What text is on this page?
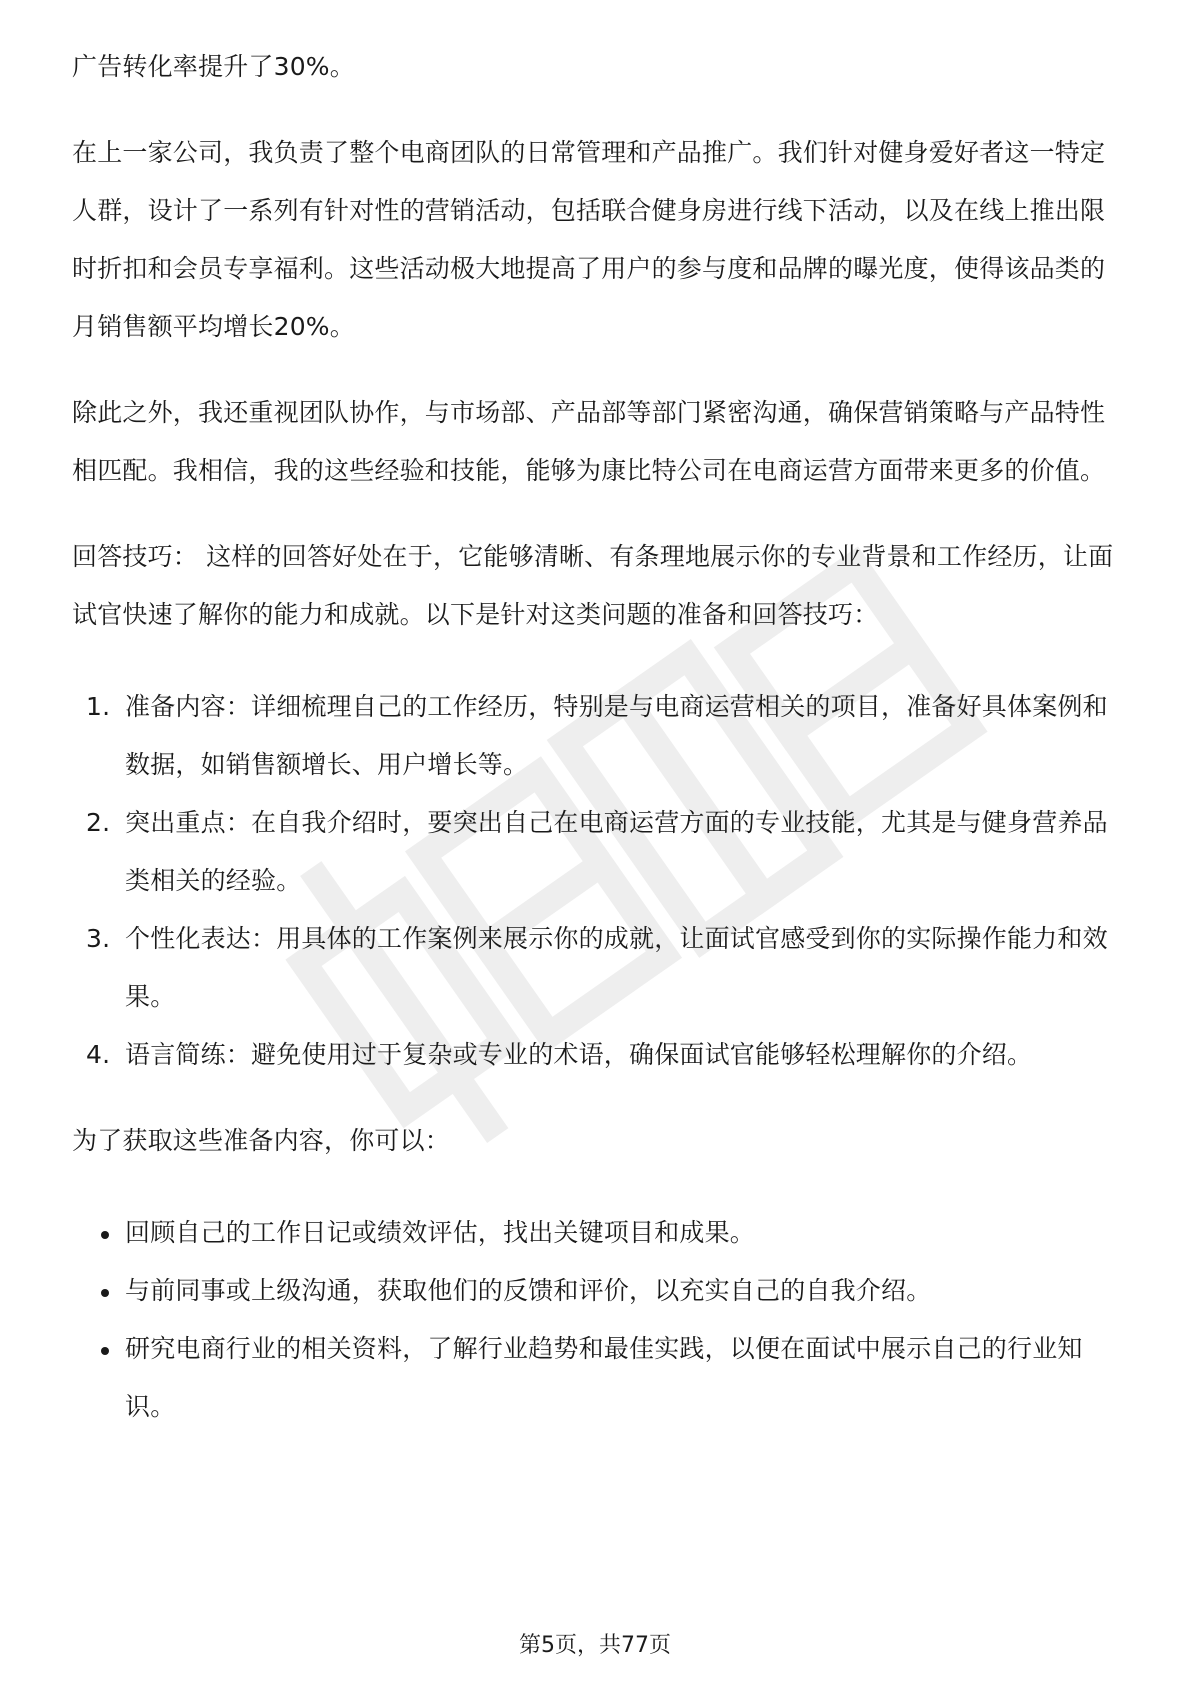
广告转化率提升了30%。

在上一家公司，我负责了整个电商团队的日常管理和产品推广。我们针对健身爱好者这一特定人群，设计了一系列有针对性的营销活动，包括联合健身房进行线下活动，以及在线上推出限时折扣和会员专享福利。这些活动极大地提高了用户的参与度和品牌的曝光度，使得该品类的月销售额平均增长20%。

除此之外，我还重视团队协作，与市场部、产品部等部门紧密沟通，确保营销策略与产品特性相匹配。我相信，我的这些经验和技能，能够为康比特公司在电商运营方面带来更多的价值。

回答技巧： 这样的回答好处在于，它能够清晰、有条理地展示你的专业背景和工作经历，让面试官快速了解你的能力和成就。以下是针对这类问题的准备和回答技巧：

1. 准备内容：详细梳理自己的工作经历，特别是与电商运营相关的项目，准备好具体案例和数据，如销售额增长、用户增长等。
2. 突出重点：在自我介绍时，要突出自己在电商运营方面的专业技能，尤其是与健身营养品类相关的经验。
3. 个性化表达：用具体的工作案例来展示你的成就，让面试官感受到你的实际操作能力和效果。
4. 语言简练：避免使用过于复杂或专业的术语，确保面试官能够轻松理解你的介绍。

为了获取这些准备内容，你可以：

回顾自己的工作日记或绩效评估，找出关键项目和成果。
与前同事或上级沟通，获取他们的反馈和评价，以充实自己的自我介绍。
研究电商行业的相关资料，了解行业趋势和最佳实践，以便在面试中展示自己的行业知识。
第5页，共77页
